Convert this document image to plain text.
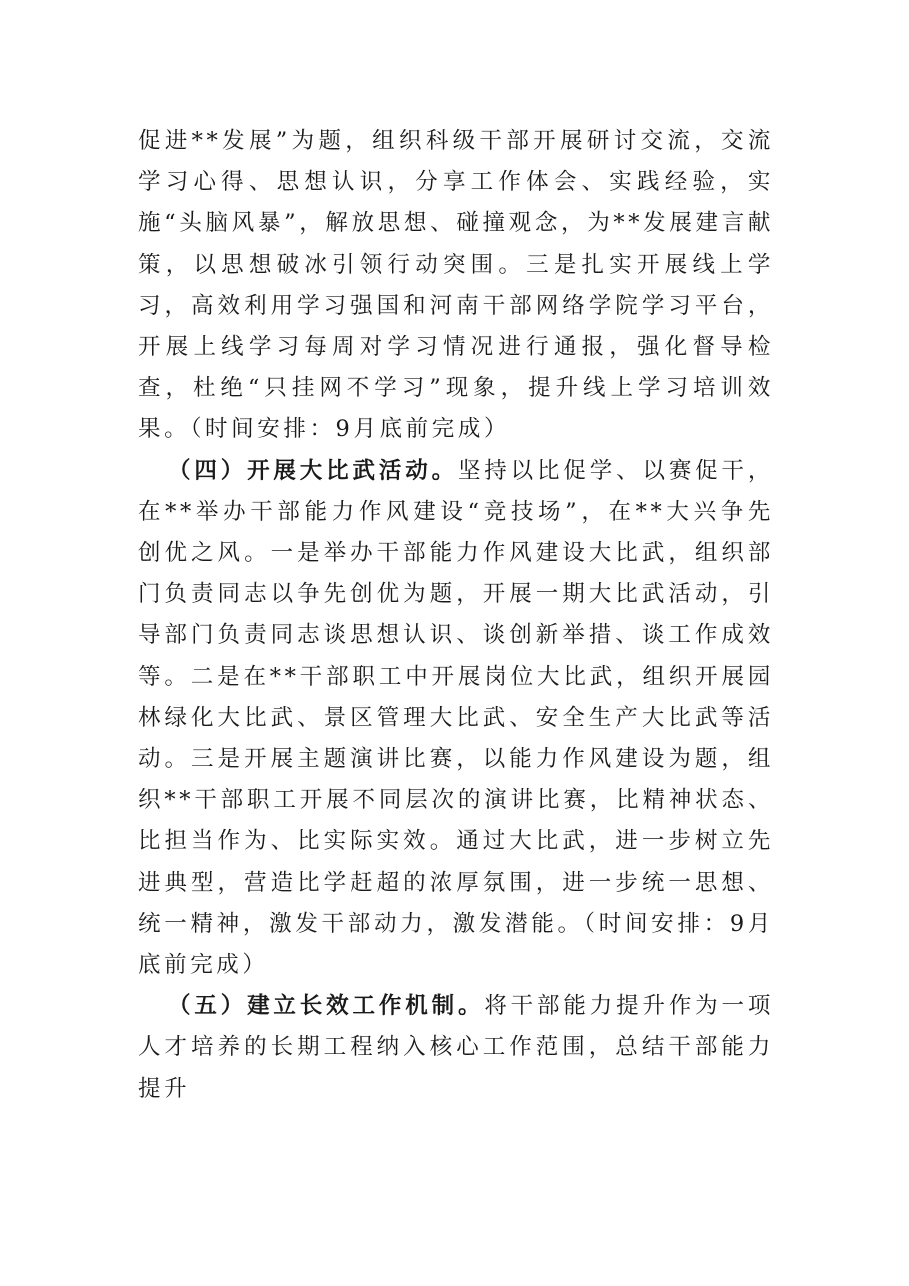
促进**发展”为题，组织科级干部开展研讨交流，交流学习心得、思想认识，分享工作体会、实践经验，实施“头脑风暴”，解放思想、碰撞观念，为**发展建言献策，以思想破冰引领行动突围。三是扎实开展线上学习，高效利用学习强国和河南干部网络学院学习平台，开展上线学习每周对学习情况进行通报，强化督导检查，杜绝“只挂网不学习”现象，提升线上学习培训效果。（时间安排：9月底前完成）

（四）开展大比武活动。坚持以比促学、以赛促干，在**举办干部能力作风建设“竞技场”，在**大兴争先创优之风。一是举办干部能力作风建设大比武，组织部门负责同志以争先创优为题，开展一期大比武活动，引导部门负责同志谈思想认识、谈创新举措、谈工作成效等。二是在**干部职工中开展岗位大比武，组织开展园林绿化大比武、景区管理大比武、安全生产大比武等活动。三是开展主题演讲比赛，以能力作风建设为题，组织**干部职工开展不同层次的演讲比赛，比精神状态、比担当作为、比实际实效。通过大比武，进一步树立先进典型，营造比学赶超的浓厚氛围，进一步统一思想、统一精神，激发干部动力，激发潜能。（时间安排：9月底前完成）

（五）建立长效工作机制。将干部能力提升作为一项人才培养的长期工程纳入核心工作范围，总结干部能力提升
